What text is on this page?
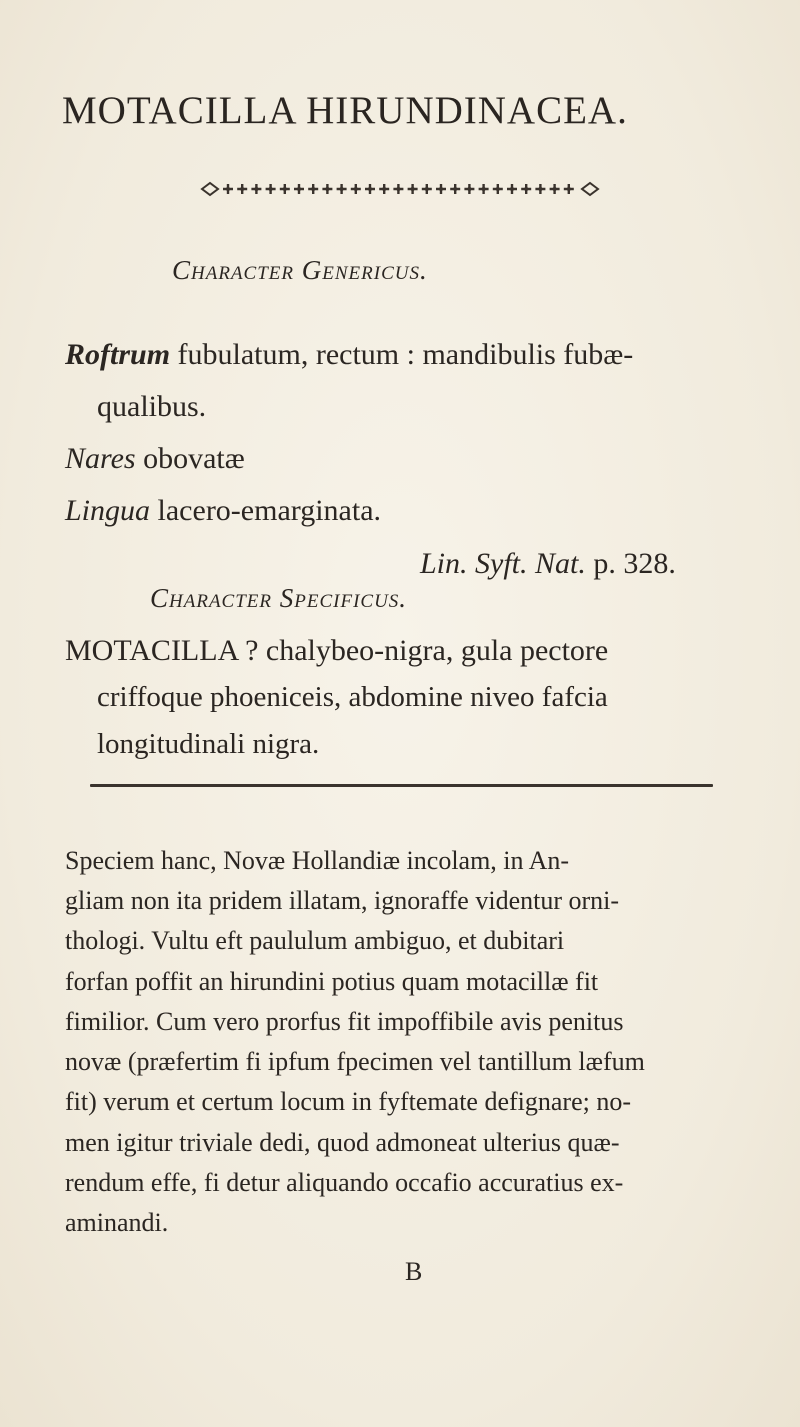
MOTACILLA HIRUNDINACEA.
Character Genericus.
Roftrum fubulatum, rectum : mandibulis fubæ-
qualibus.
Nares obovatæ
Lingua lacero-emarginata.
Lin. Syft. Nat. p. 328.
Character Specificus.
MOTACILLA ? chalybeo-nigra, gula pectore
criffoque phoeniceis, abdomine niveo fafcia
longitudinali nigra.
Speciem hanc, Novæ Hollandiæ incolam, in An-
gliam non ita pridem illatam, ignoraffe videntur orni-
thologi. Vultu eft paululum ambiguo, et dubitari
forfan poffit an hirundini potius quam motacillæ fit
fimilior. Cum vero prorfus fit impoffibile avis penitus
novæ (præfertim fi ipfum fpecimen vel tantillum læfum
fit) verum et certum locum in fyftemate defignare; no-
men igitur triviale dedi, quod admoneat ulterius quæ-
rendum effe, fi detur aliquando occafio accuratius ex-
aminandi.
B
